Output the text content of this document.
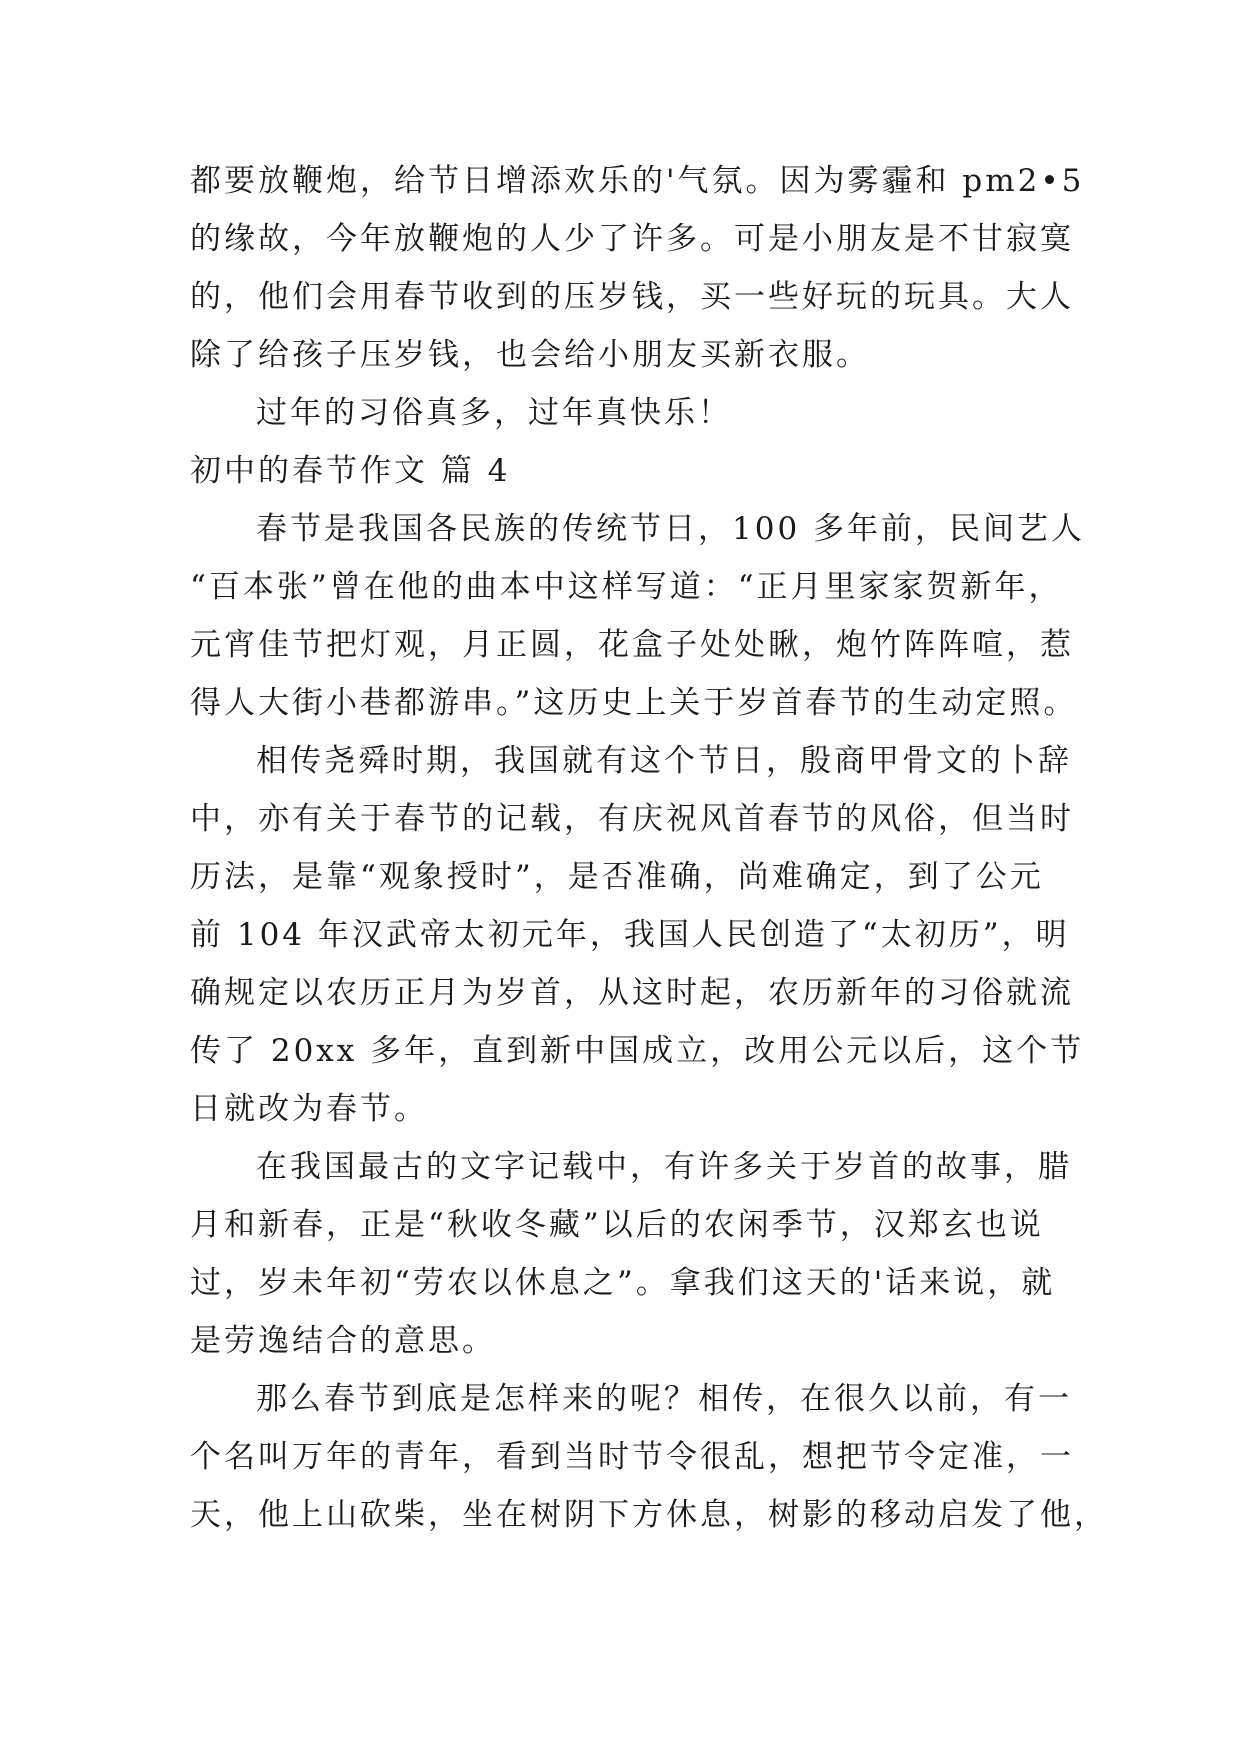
都要放鞭炮，给节日增添欢乐的'气氛。因为雾霾和 pm2•5

的缘故，今年放鞭炮的人少了许多。可是小朋友是不甘寂寞

的，他们会用春节收到的压岁钱，买一些好玩的玩具。大人

除了给孩子压岁钱，也会给小朋友买新衣服。

过年的习俗真多，过年真快乐！

初中的春节作文 篇 4

春节是我国各民族的传统节日，100 多年前，民间艺人

“百本张”曾在他的曲本中这样写道：“正月里家家贺新年，

元宵佳节把灯观，月正圆，花盒子处处瞅，炮竹阵阵喧，惹

得人大街小巷都游串。”这历史上关于岁首春节的生动定照。

相传尧舜时期，我国就有这个节日，殷商甲骨文的卜辞

中，亦有关于春节的记载，有庆祝风首春节的风俗，但当时

历法，是靠“观象授时”，是否准确，尚难确定，到了公元

前 104 年汉武帝太初元年，我国人民创造了“太初历”，明

确规定以农历正月为岁首，从这时起，农历新年的习俗就流

传了 20xx 多年，直到新中国成立，改用公元以后，这个节

日就改为春节。

在我国最古的文字记载中，有许多关于岁首的故事，腊

月和新春，正是“秋收冬藏”以后的农闲季节，汉郑玄也说

过，岁未年初“劳农以休息之”。拿我们这天的'话来说，就

是劳逸结合的意思。

那么春节到底是怎样来的呢？相传，在很久以前，有一

个名叫万年的青年，看到当时节令很乱，想把节令定准，一

天，他上山砍柴，坐在树阴下方休息，树影的移动启发了他，
